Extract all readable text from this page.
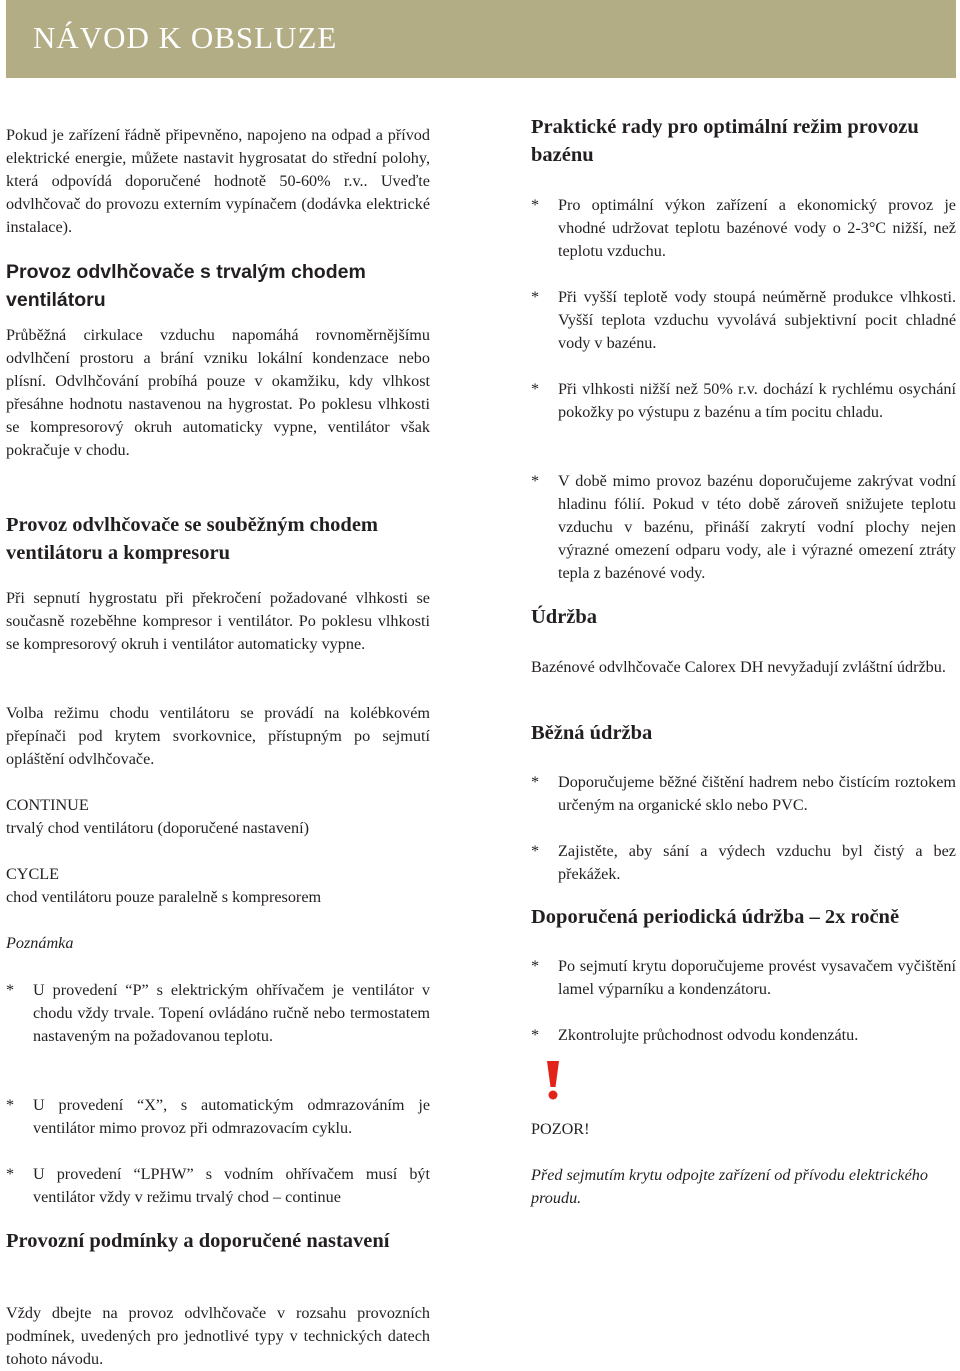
NÁVOD K OBSLUZE

Pokud je zařízení řádně připevněno, napojeno na odpad a přívod elektrické energie, můžete nastavit hygrosatat do střední polohy, která odpovídá doporučené hodnotě 50-60% r.v.. Uveďte odvlhčovač do provozu externím vypínačem (dodávka elektrické instalace).

Provoz odvlhčovače s trvalým chodem ventilátoru

Průběžná cirkulace vzduchu napomáhá rovnoměrnějšímu odvlhčení prostoru a brání vzniku lokální kondenzace nebo plísní. Odvlhčování probíhá pouze v okamžiku, kdy vlhkost přesáhne hodnotu nastavenou na hygrostat. Po poklesu vlhkosti se kompresorový okruh automaticky vypne, ventilátor však pokračuje v chodu.

Provoz odvlhčovače se souběžným chodem ventilátoru a kompresoru

Při sepnutí hygrostatu při překročení požadované vlhkosti se současně rozeběhne kompresor i ventilátor. Po poklesu vlhkosti se kompresorový okruh i ventilátor automaticky vypne.

Volba režimu chodu ventilátoru se provádí na kolébkovém přepínači pod krytem svorkovnice, přístupným po sejmutí opláštění odvlhčovače.

CONTINUE
trvalý chod ventilátoru (doporučené nastavení)
CYCLE
chod ventilátoru pouze paralelně s kompresorem
Poznámka
* U provedení “P” s elektrickým ohřívačem je ventilátor v chodu vždy trvale. Topení ovládáno ručně nebo termostatem nastaveným na požadovanou teplotu.

* U provedení “X”, s automatickým odmrazováním je ventilátor mimo provoz při odmrazovacím cyklu.

* U provedení “LPHW” s vodním ohřívačem musí být ventilátor vždy v režimu trvalý chod – continue

Provozní podmínky a doporučené nastavení

Vždy dbejte na provoz odvlhčovače v rozsahu provozních podmínek, uvedených pro jednotlivé typy v technických datech tohoto návodu.

Praktické rady pro optimální režim provozu bazénu
* Pro optimální výkon zařízení a ekonomický provoz je vhodné udržovat teplotu bazénové vody o 2-3°C nižší, než teplotu vzduchu.

* Při vyšší teplotě vody stoupá neúměrně produkce vlhkosti. Vyšší teplota vzduchu vyvolává subjektivní pocit chladné vody v bazénu.

* Při vlhkosti nižší než 50% r.v. dochází k rychlému osychání pokožky po výstupu z bazénu a tím pocitu chladu.

* V době mimo provoz bazénu doporučujeme zakrývat vodní hladinu fólií. Pokud v této době zároveň snižujete teplotu vzduchu v bazénu, přináší zakrytí vodní plochy nejen výrazné omezení odparu vody, ale i výrazné omezení ztráty tepla z bazénové vody.

Údržba

Bazénové odvlhčovače Calorex DH nevyžadují zvláštní údržbu.

Běžná údržba
* Doporučujeme běžné čištění hadrem nebo čistícím roztokem určeným na organické sklo nebo PVC.

* Zajistěte, aby sání a výdech vzduchu byl čistý a bez překážek.

Doporučená periodická údržba – 2x ročně
* Po sejmutí krytu doporučujeme provést vysavačem vyčištění lamel výparníku a kondenzátoru.

* Zkontrolujte průchodnost odvodu kondenzátu.

POZOR!

Před sejmutím krytu odpojte zařízení od přívodu elektrického proudu.
